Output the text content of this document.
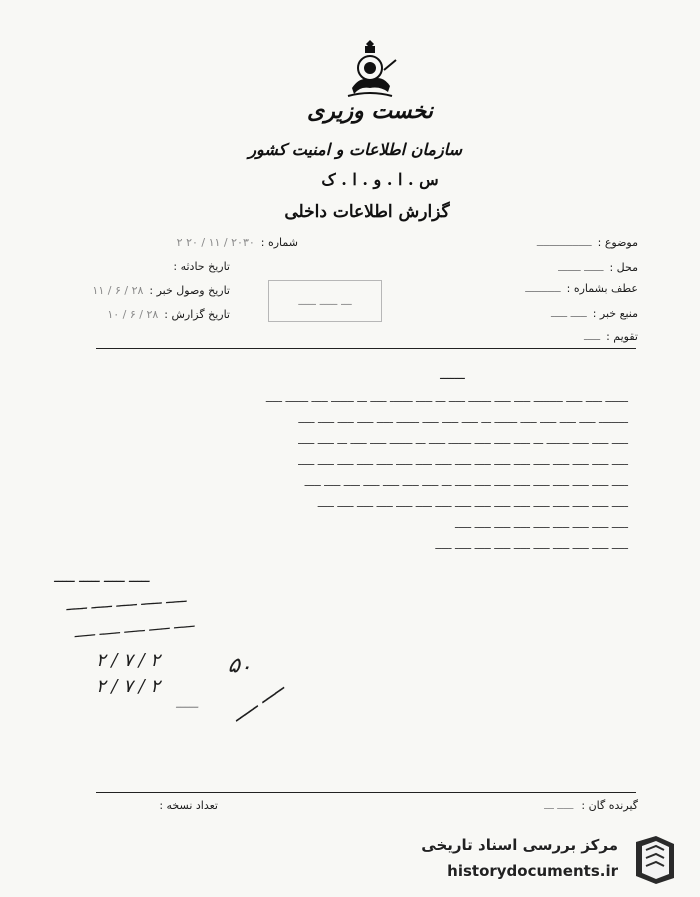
نخست وزیری
سازمان اطلاعات و امنیت کشور
س . ا . و . ا . ک
گزارش اطلاعات داخلی
موضوع :ـــــــــــــــــ
محل :ــــــ ـــــــ
عطف بشماره :ـــــــــــ
منبع خبر :ـــــ ـــــ
تقویم :ـــــ
شماره :۲۰۳۰ / ۱۱ / ۲۰ ۲
تاریخ حادثه :
تاریخ وصول خبر :۲۸ / ۶ / ۱۱
تاریخ گزارش :۲۸ / ۶ / ۱۰
ـــ ـــــ ـــــ
ـــــــ

ـــــــ ـــــ ـــــ ـــــــــ ـــــ ـــــ ـــــــ ـــــ ـــ ـــــ ـــــــ ـــــ ـــ ـــــــ ـــــ ـــــــ ـــــ

ـــــــــ ـــــ ـــــ ـــــ ـــــ ـــــــ ـــ ـــــ ـــــ ـــــ ـــــــ ـــــ ـــــ ـــــ ـــــ ـــــ

ـــــ ـــــ ـــــ ـــــــ ـــ ـــــ ـــــ ـــــ ـــــــ ـــــ ـــ ـــــــ ـــــ ـــــ ـــ ـــــ ـــــ

ـــــ ـــــ ـــــ ـــــ ـــــ ـــــ ـــــ ـــــ ـــــ ـــــ ـــــ ـــــ ـــــ ـــــ ـــــ ـــــ ـــــ

ـــــ ـــــ ـــــ ـــــ ـــــ ـــــ ـــــ ـــــ ـــــ ـــ ـــــ ـــــ ـــــ ـــــ ـــــ ـــــ ـــــ

ـــــ ـــــ ـــــ ـــــ ـــــ ـــــ ـــــ ـــــ ـــــ ـــــ ـــــ ـــــ ـــــ ـــــ ـــــ ـــــ

ـــــ ـــــ ـــــ ـــــ ـــــ ـــــ ـــــ ـــــ ـــــ

ـــــ ـــــ ـــــ ـــــ ـــــ ـــــ ـــــ ـــــ ـــــ ـــــ

ـــــ ـــــ ـــــ ـــــ
ـــــ ـــــ ـــــ ـــــ ـــــ
ـــــ ـــــ ـــــ ـــــ ـــــ
۲ / ۷ / ۲
۲ / ۷ / ۲
ـــــ
۵۰
ـــــ ـــــ
گیرنده گان :ـــــ ـــ
تعداد نسخه :
مرکز بررسی اسناد تاریخی
historydocuments.ir
